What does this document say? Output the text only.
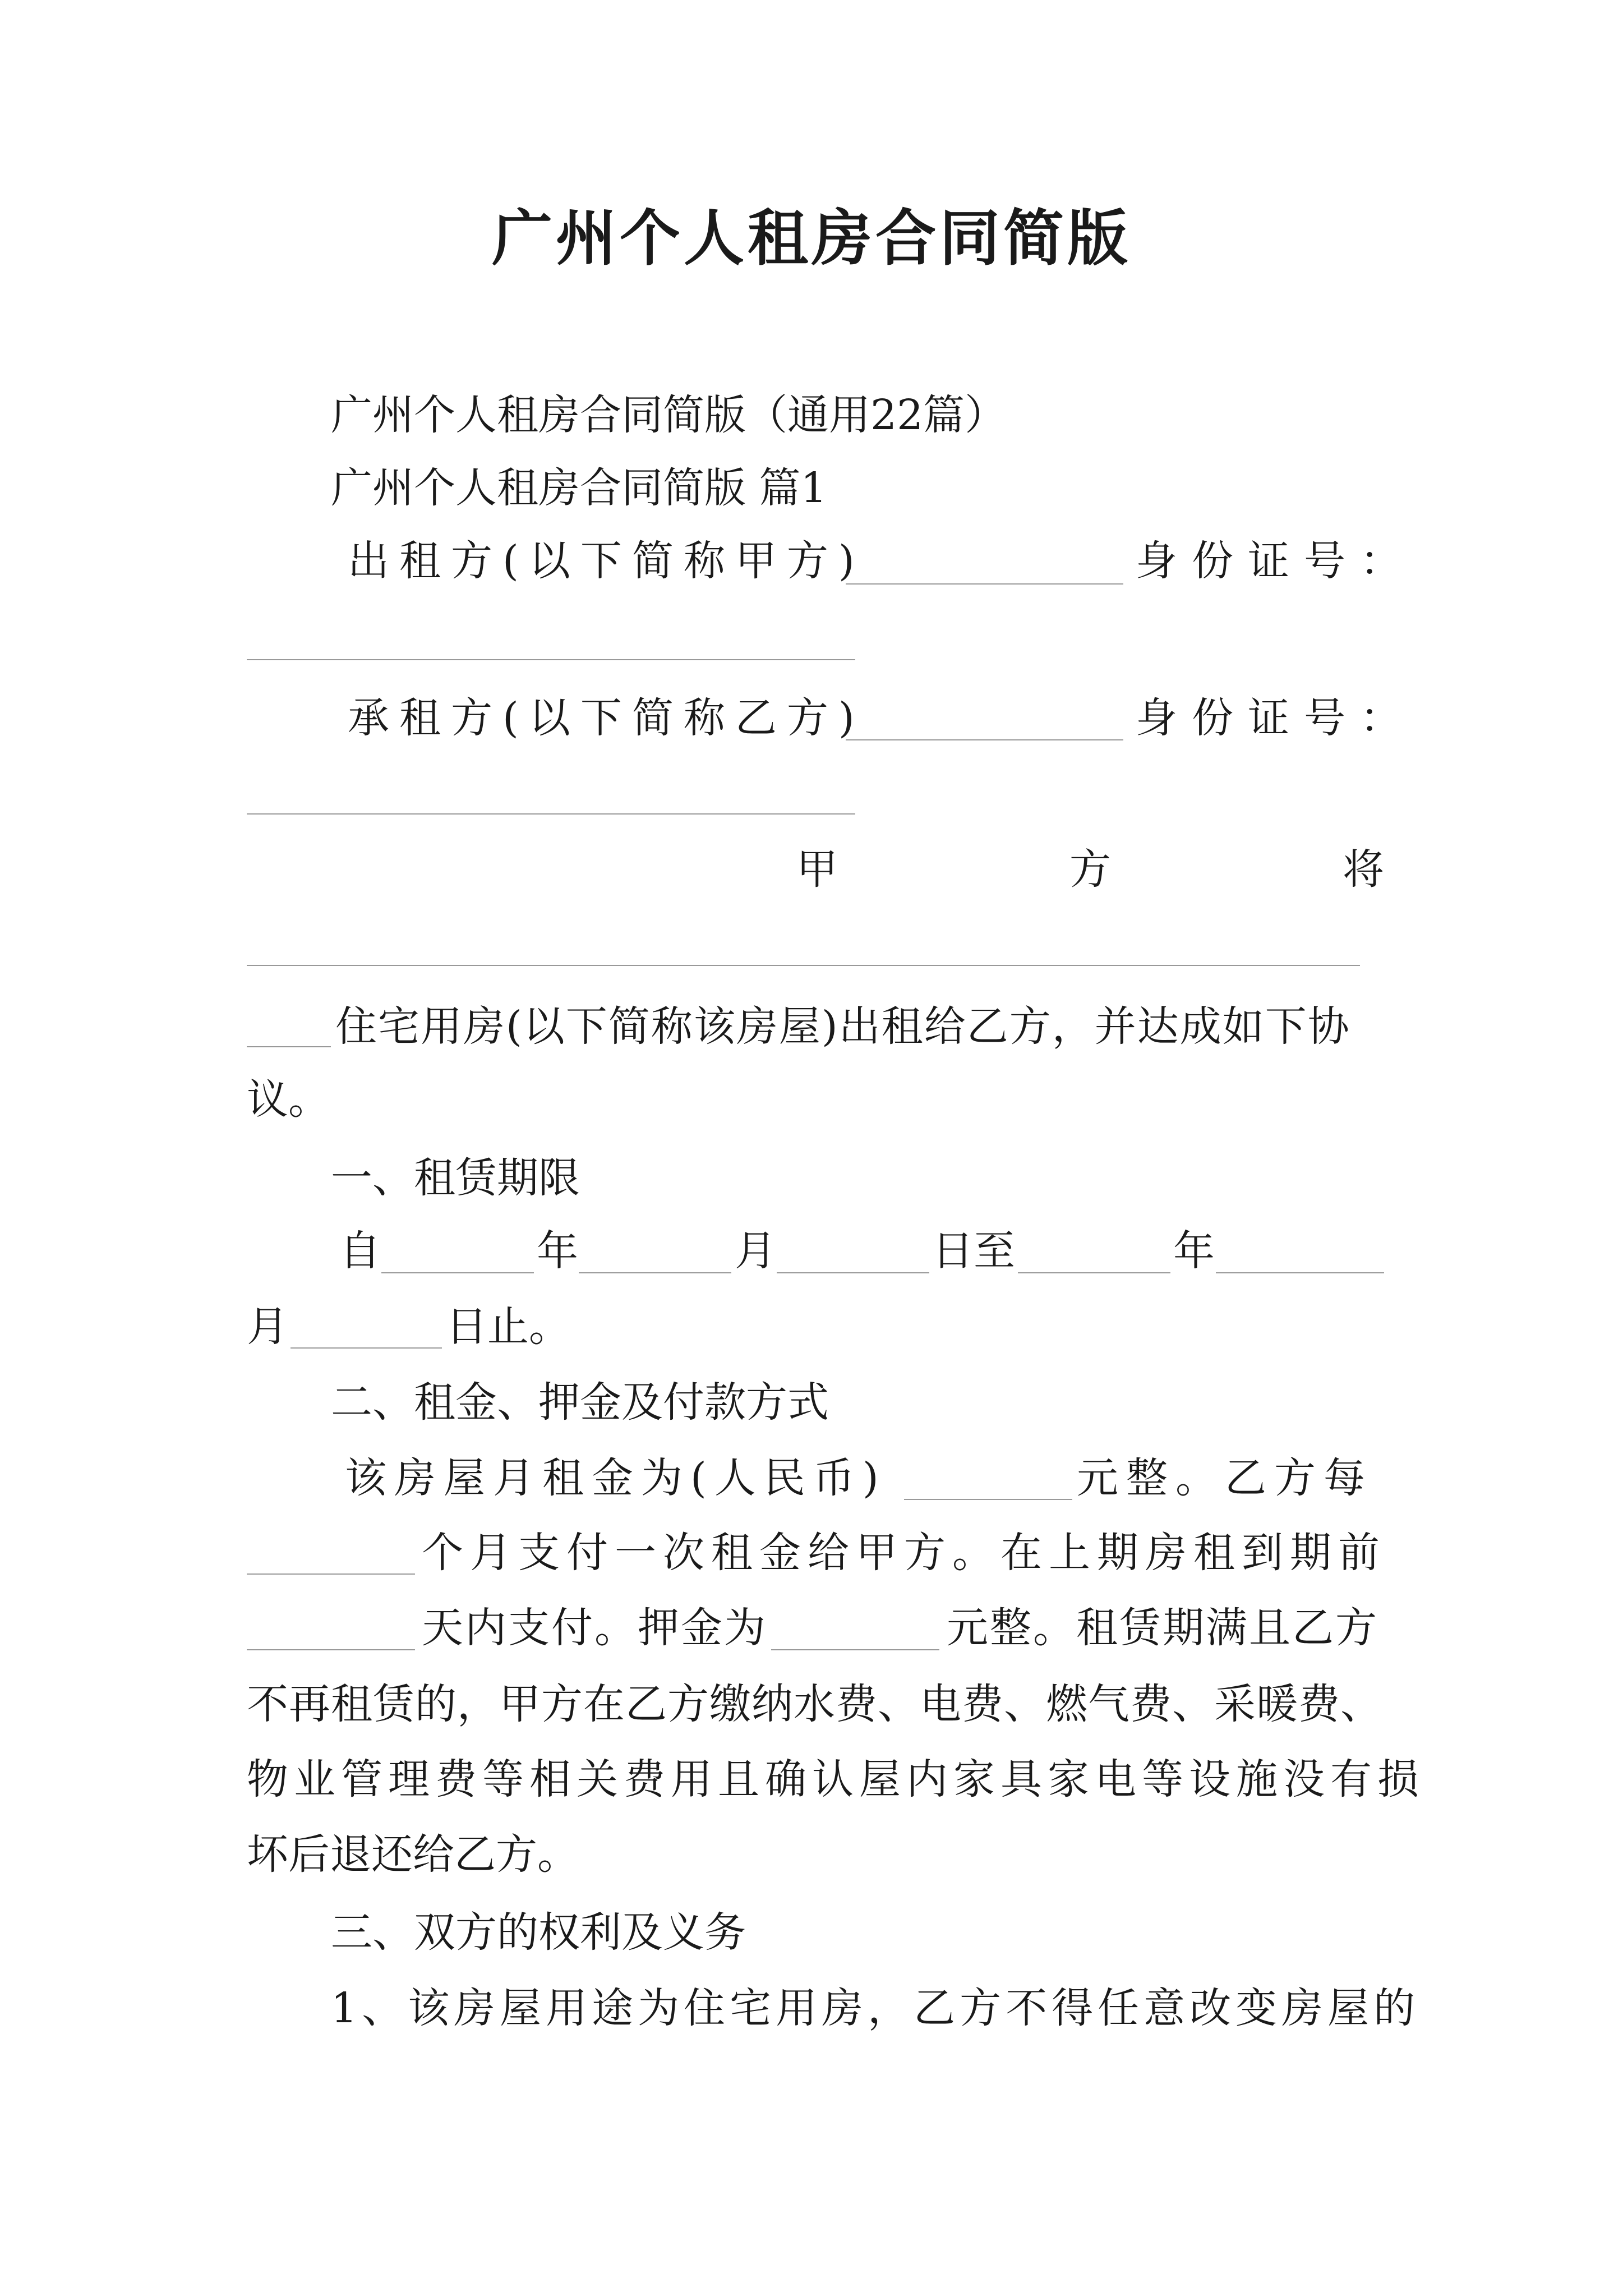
广州个人租房合同简版
广州个人租房合同简版（通用22篇）
广州个人租房合同简版 篇1
出租方(以下简称甲方)	身份证号：
承租方(以下简称乙方)	身份证号：
甲	方	将
住宅用房(以下简称该房屋)出租给乙方，并达成如下协
议。
一、租赁期限
自	年	月	日至	年
月	日止。
二、租金、押金及付款方式
该房屋月租金为(人民币)	元整。乙方每
个月支付一次租金给甲方。在上期房租到期前
天内支付。押金为	元整。租赁期满且乙方
不再租赁的，甲方在乙方缴纳水费、电费、燃气费、采暖费、
物业管理费等相关费用且确认屋内家具家电等设施没有损
坏后退还给乙方。
三、双方的权利及义务
1、该房屋用途为住宅用房，乙方不得任意改变房屋的
